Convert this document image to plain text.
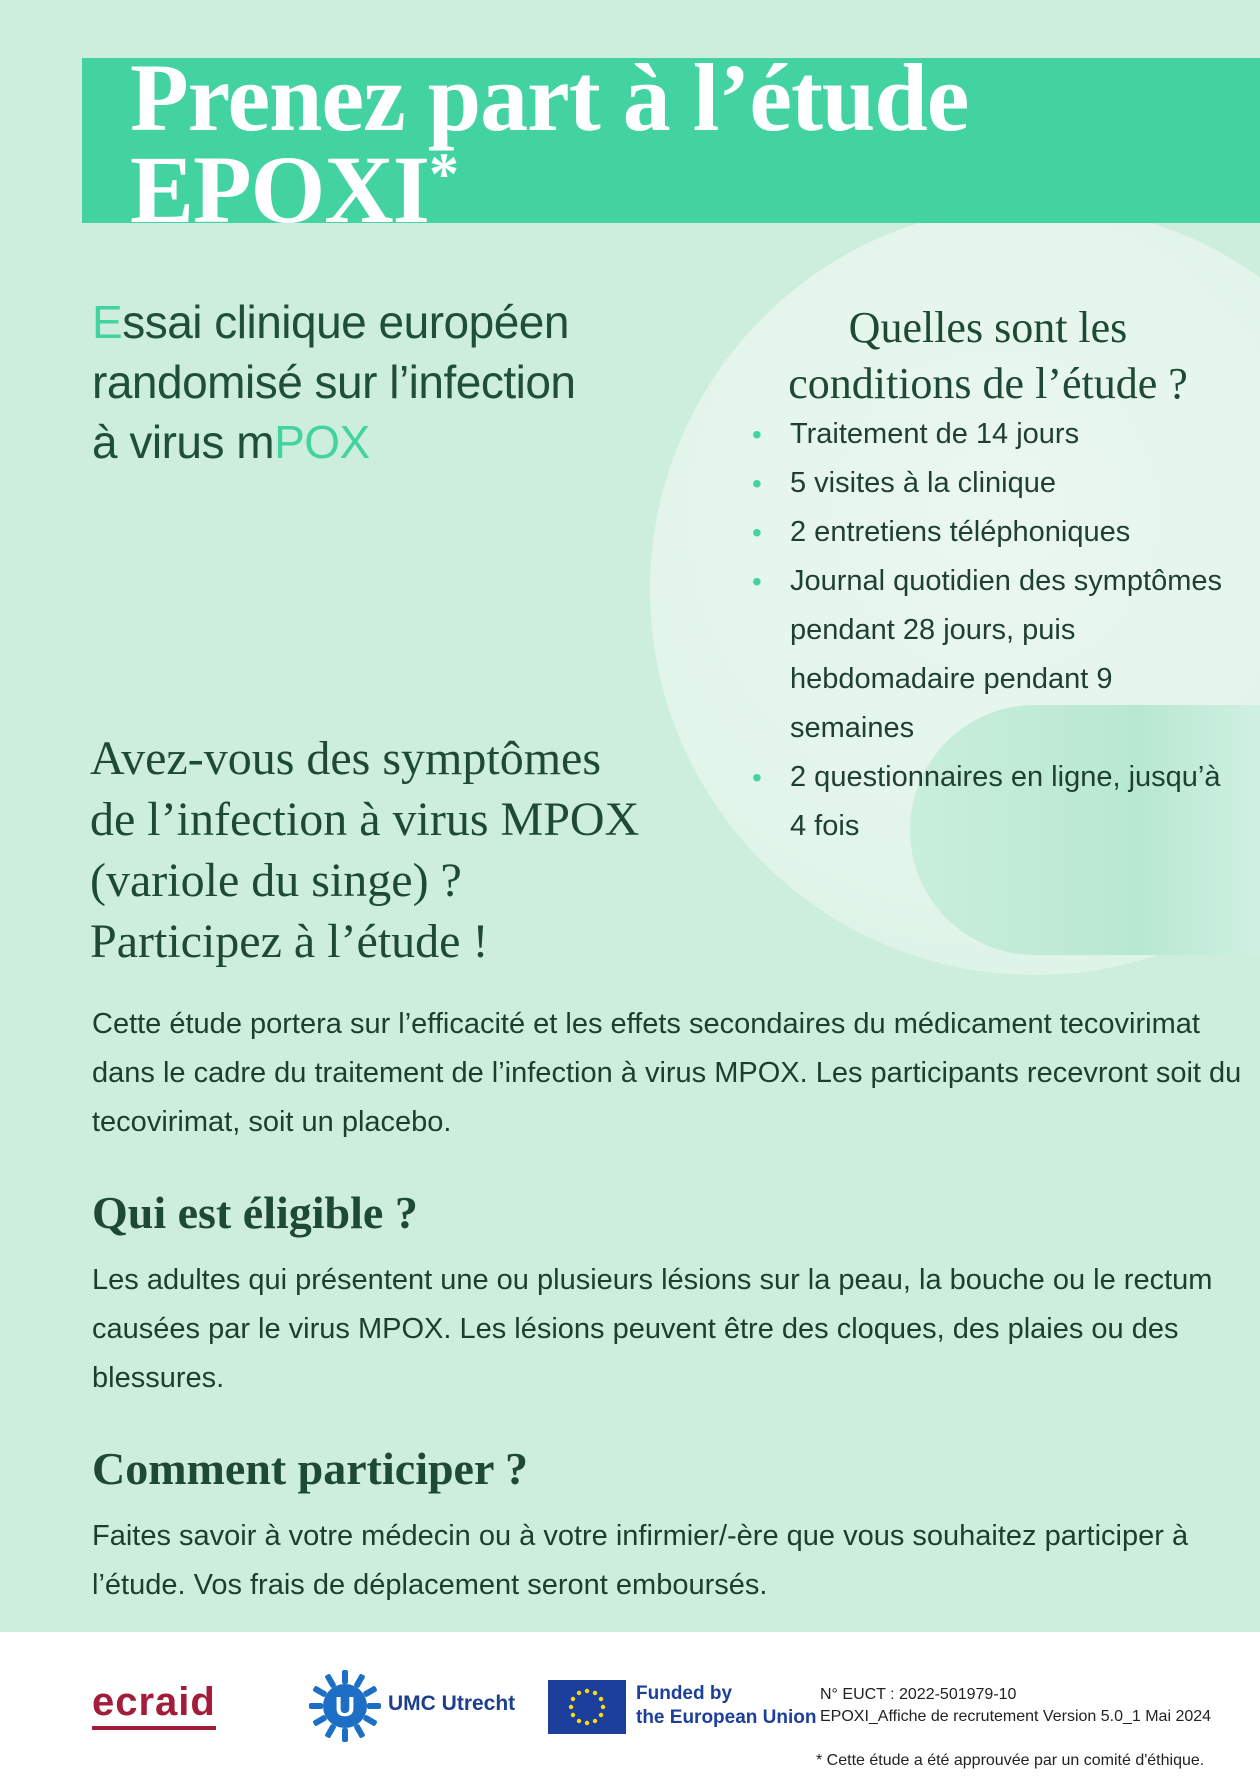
Prenez part à l’étude
EPOXI*
Essai clinique européen
randomisé sur l’infection
à virus mPOX
Quelles sont les
conditions de l’étude ?
• Traitement de 14 jours
• 5 visites à la clinique
• 2 entretiens téléphoniques
• Journal quotidien des symptômes pendant 28 jours, puis hebdomadaire pendant 9 semaines
• 2 questionnaires en ligne, jusqu’à 4 fois
Avez-vous des symptômes
de l’infection à virus MPOX
(variole du singe) ?
Participez à l’étude !

Cette étude portera sur l’efficacité et les effets secondaires du médicament tecovirimat dans le cadre du traitement de l’infection à virus MPOX. Les participants recevront soit du tecovirimat, soit un placebo.

Qui est éligible ?

Les adultes qui présentent une ou plusieurs lésions sur la peau, la bouche ou le rectum causées par le virus MPOX. Les lésions peuvent être des cloques, des plaies ou des blessures.

Comment participer ?

Faites savoir à votre médecin ou à votre infirmier/-ère que vous souhaitez participer à l’étude. Vos frais de déplacement seront emboursés.

ecraid	U UMC Utrecht	Funded by
the European Union
N° EUCT : 2022-501979-10
EPOXI_Affiche de recrutement Version 5.0_1 Mai 2024
* Cette étude a été approuvée par un comité d'éthique.
